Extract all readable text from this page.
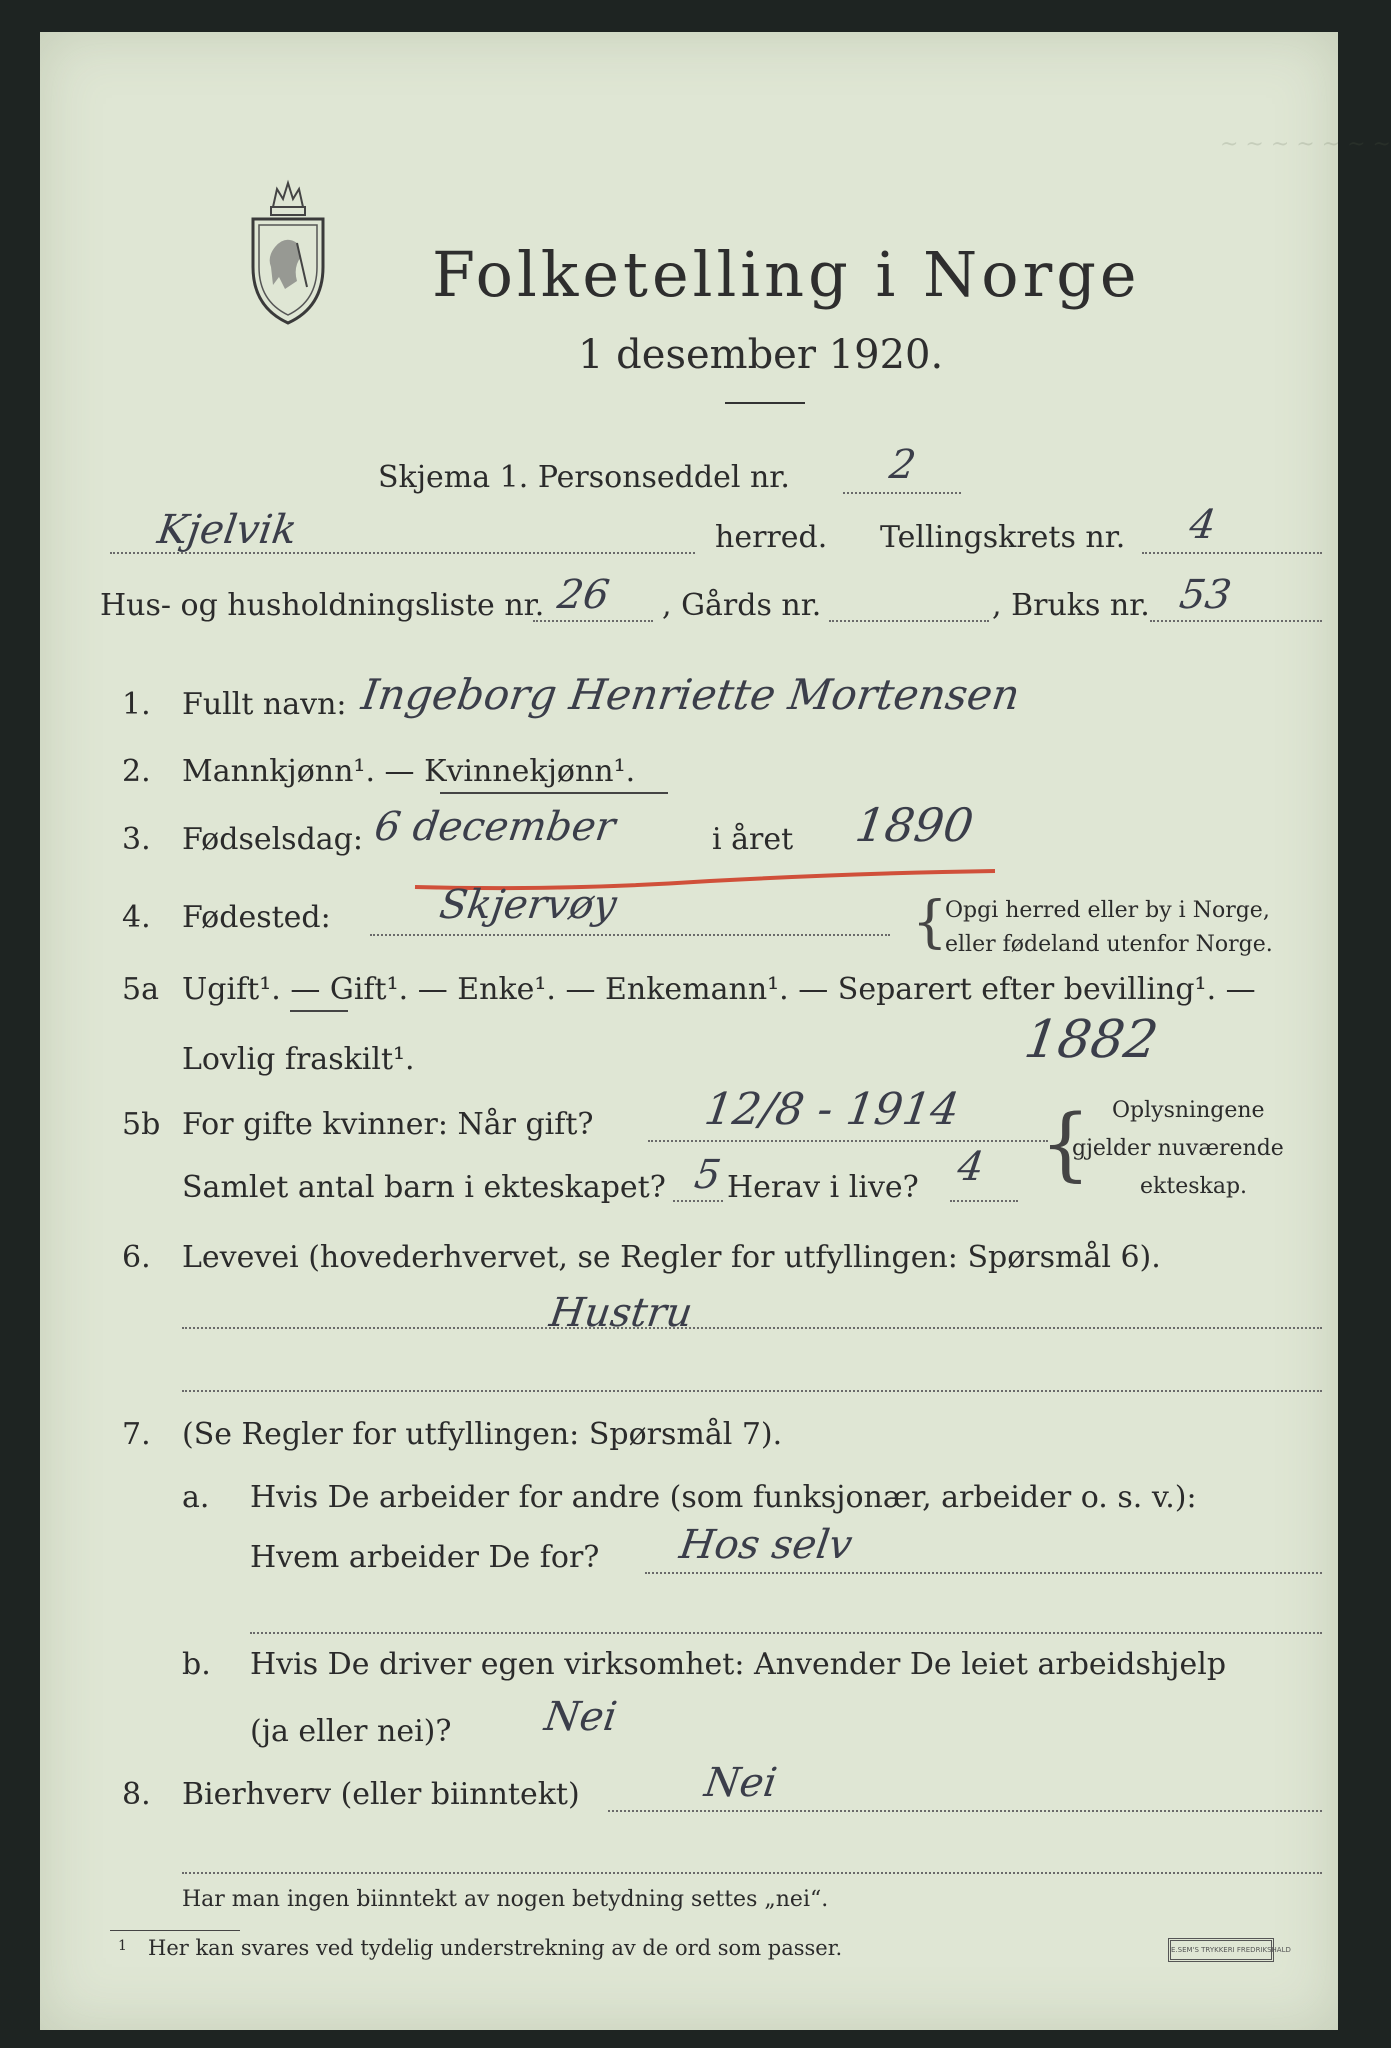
~ ~ ~ ~ ~ ~ ~
Folketelling i Norge
1 desember 1920.
Skjema 1. Personseddel nr. 2
Kjelvik	herred. Tellingskrets nr. 4
Hus- og husholdningsliste nr. 26 , Gårds nr.	, Bruks nr. 53
1. Fullt navn: Ingeborg Henriette Mortensen
2. Mannkjønn¹. — Kvinnekjønn¹.
3. Fødselsdag: 6 december	i året 1890
4. Fødested:	Skjervøy	{
Opgi herred eller by i Norge,
eller fødeland utenfor Norge.
5a Ugift¹. — Gift¹. — Enke¹. — Enkemann¹. — Separert efter bevilling¹. —
Lovlig fraskilt¹.	1882
5b For gifte kvinner: Når gift? 12/8 - 1914
Samlet antal barn i ekteskapet? 5 Herav i live? 4 { Oplysningene
gjelder nuværende
ekteskap.
6. Levevei (hovederhvervet, se Regler for utfyllingen: Spørsmål 6).
Hustru
7. (Se Regler for utfyllingen: Spørsmål 7).
a. Hvis De arbeider for andre (som funksjonær, arbeider o. s. v.):
Hvem arbeider De for? Hos selv
b. Hvis De driver egen virksomhet: Anvender De leiet arbeidshjelp
(ja eller nei)? Nei
8. Bierhverv (eller biinntekt)	Nei
Har man ingen biinntekt av nogen betydning settes „nei“.
1 Her kan svares ved tydelig understrekning av de ord som passer.	E.SEM'S TRYKKERI FREDRIKSHALD
